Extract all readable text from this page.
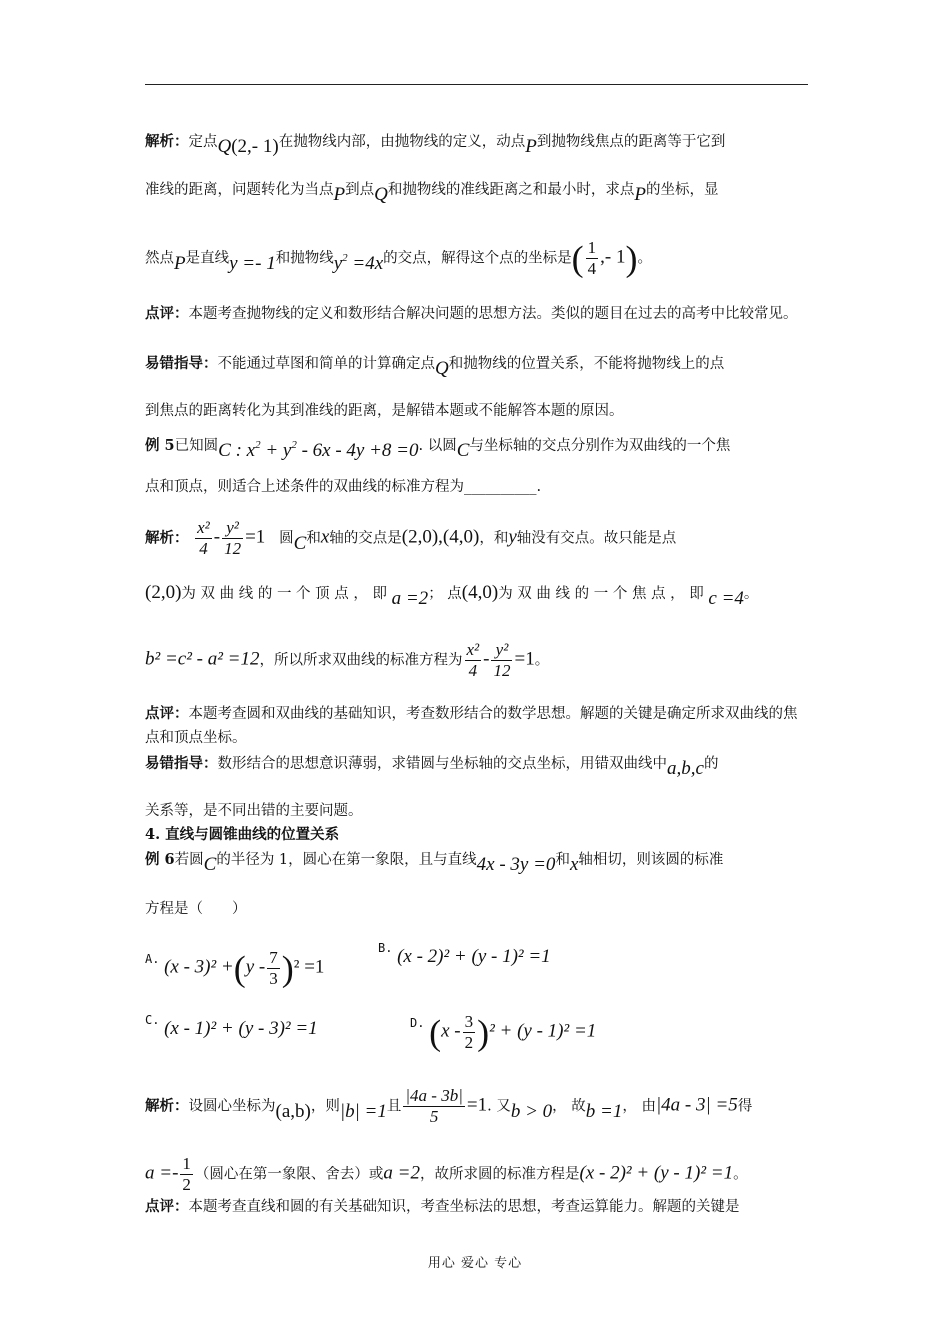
解析：定点Q(2,- 1)在抛物线内部，由抛物线的定义，动点P到抛物线焦点的距离等于它到
准线的距离，问题转化为当点P到点Q和抛物线的准线距离之和最小时，求点P的坐标，显
然点P是直线y =- 1和抛物线$y^2 =4x$的交点，解得这个点的坐标是( $\frac{1}{4}$ ,- 1)。
点评：本题考查抛物线的定义和数形结合解决问题的思想方法。类似的题目在过去的高考中比较常见。
易错指导：不能通过草图和简单的计算确定点Q和抛物线的位置关系，不能将抛物线上的点
到焦点的距离转化为其到准线的距离，是解错本题或不能解答本题的原因。
例 5已知圆C : $x^2 + y^2 - 6x - 4y +8 =0$. 以圆C与坐标轴的交点分别作为双曲线的一个焦
点和顶点，则适合上述条件的双曲线的标准方程为__________.
解析： $\frac{\text{x²}}{4} - \frac{\text{y²}}{12} =1$ 圆C和x轴的交点是(2,0),(4,0)，和y轴没有交点。故只能是点
(2,0)为 双 曲 线 的 一 个 顶 点 ， 即 a =2； 点(4,0)为 双 曲 线 的 一 个 焦 点 ， 即 c =4。
b² =c² - a² =12，所以所求双曲线的标准方程为 $\frac{\text{x²}}{4} - \frac{\text{y²}}{12} =1$。
点评：本题考查圆和双曲线的基础知识，考查数形结合的数学思想。解题的关键是确定所求双曲线的焦点和顶点坐标。
易错指导：数形结合的思想意识薄弱，求错圆与坐标轴的交点坐标，用错双曲线中a,b,c的
关系等，是不同出错的主要问题。
4. 直线与圆锥曲线的位置关系
例 6若圆C的半径为 1，圆心在第一象限，且与直线4x - 3y =0和x轴相切，则该圆的标准
方程是（　　）
$^{A.}$ $(x - 3)^2 +(y - \frac{7}{3} )^2 =1$
$^{B.}$ (x - 2)² + (y - 1)² =1
$^{C.}$ (x - 1)² + (y - 3)² =1	$^{D.}$ $(x - \frac{3}{2} )^2 + (y - 1)^2 =1$
解析：设圆心坐标为(a,b)，则|b| =1且 $\frac{|4a - 3b|}{5} =1$. 又b > 0， 故b =1， 由|4a - 3| =5得
$a =- \frac{1}{2}$ （圆心在第一象限、舍去）或a =2，故所求圆的标准方程是(x - 2)² + (y - 1)² =1。
点评：本题考查直线和圆的有关基础知识，考查坐标法的思想，考查运算能力。解题的关键是
用心 爱心 专心
